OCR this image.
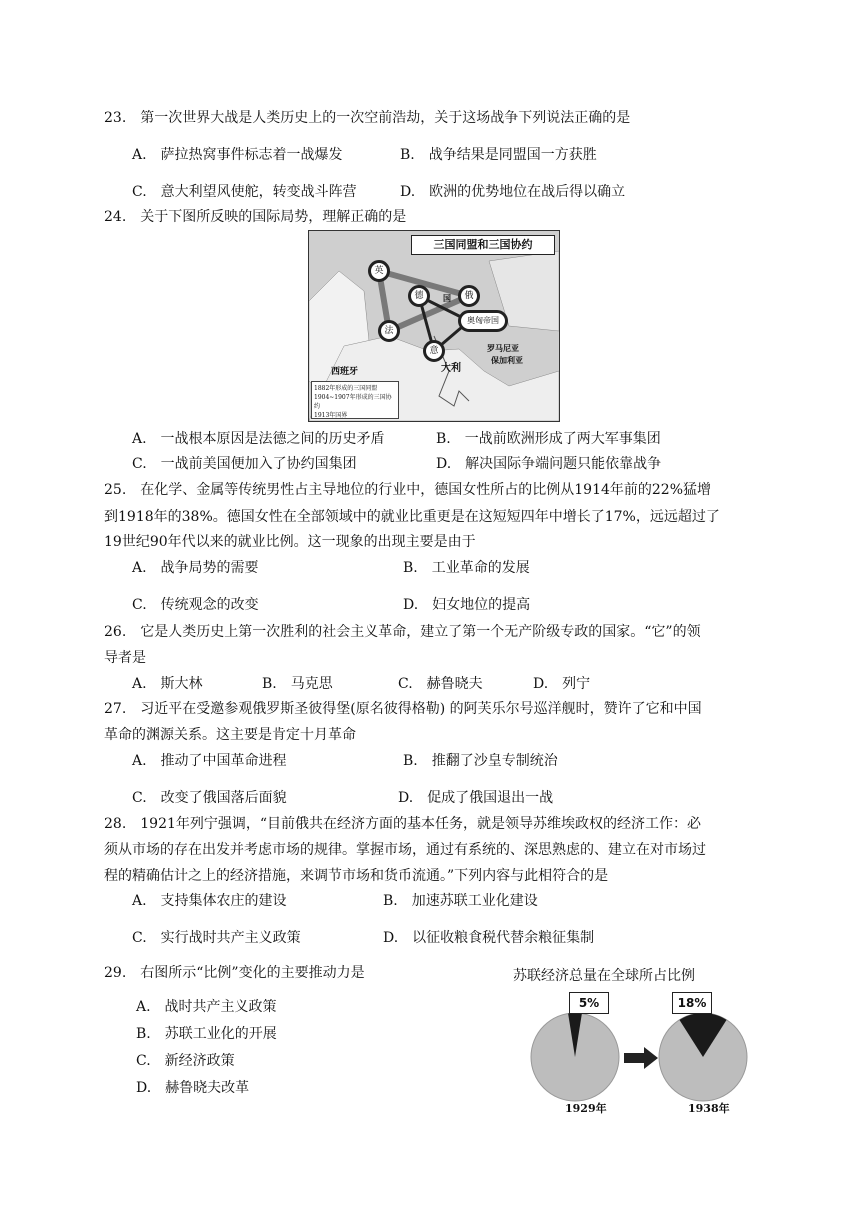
23.　第一次世界大战是人类历史上的一次空前浩劫，关于这场战争下列说法正确的是
A.　萨拉热窝事件标志着一战爆发	B.　战争结果是同盟国一方获胜
C.　意大利望风使舵，转变战斗阵营	D.　欧洲的优势地位在战后得以确立
24.　关于下图所反映的国际局势，理解正确的是
三国同盟和三国协约
英
德	俄
法
奥匈帝国
意
西班牙	大利
罗马尼亚
保加利亚
国
1882年形成的三国同盟
1904~1907年形成的三国协约
1913年国界
A.　一战根本原因是法德之间的历史矛盾	B.　一战前欧洲形成了两大军事集团
C.　一战前美国便加入了协约国集团	D.　解决国际争端问题只能依靠战争
25.　在化学、金属等传统男性占主导地位的行业中，德国女性所占的比例从1914年前的22%猛增
到1918年的38%。德国女性在全部领域中的就业比重更是在这短短四年中增长了17%，远远超过了
19世纪90年代以来的就业比例。这一现象的出现主要是由于
A.　战争局势的需要	B.　工业革命的发展
C.　传统观念的改变	D.　妇女地位的提高
26.　它是人类历史上第一次胜利的社会主义革命，建立了第一个无产阶级专政的国家。“它”的领
导者是
A.　斯大林	B.　马克思	C.　赫鲁晓夫	D.　列宁
27.　习近平在受邀参观俄罗斯圣彼得堡(原名彼得格勒) 的阿芙乐尔号巡洋舰时，赞许了它和中国
革命的渊源关系。这主要是肯定十月革命
A.　推动了中国革命进程	B.　推翻了沙皇专制统治
C.　改变了俄国落后面貌	D.　促成了俄国退出一战
28.　1921年列宁强调，“目前俄共在经济方面的基本任务，就是领导苏维埃政权的经济工作：必
须从市场的存在出发并考虑市场的规律。掌握市场，通过有系统的、深思熟虑的、建立在对市场过
程的精确估计之上的经济措施，来调节市场和货币流通。”下列内容与此相符合的是
A.　支持集体农庄的建设	B.　加速苏联工业化建设
C.　实行战时共产主义政策	D.　以征收粮食税代替余粮征集制
29.　右图所示“比例”变化的主要推动力是
A.　战时共产主义政策
B.　苏联工业化的开展
C.　新经济政策
D.　赫鲁晓夫改革
苏联经济总量在全球所占比例
5%	18%
1929年	1938年
